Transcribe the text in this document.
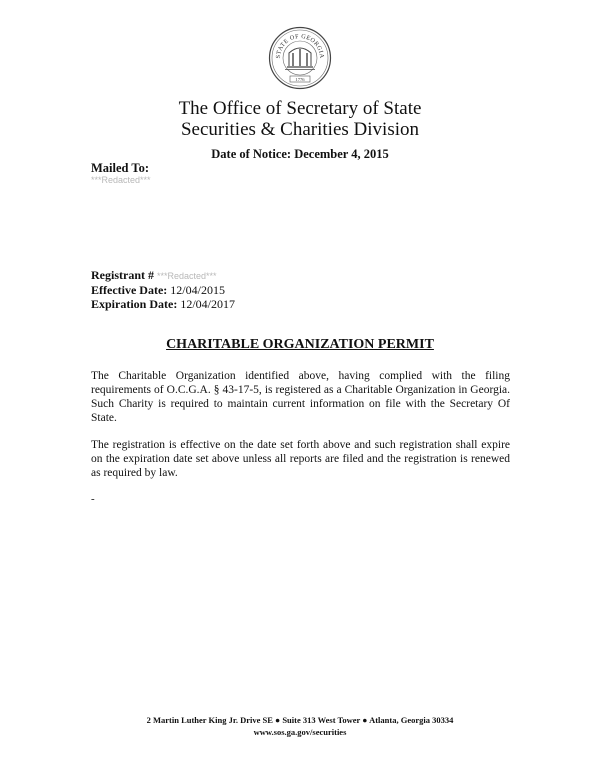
STATE OF GEORGIA
1776
The Office of Secretary of State
Securities & Charities Division
Date of Notice: December 4, 2015
Mailed To:
***Redacted***
Registrant # ***Redacted***
Effective Date: 12/04/2015
Expiration Date: 12/04/2017
CHARITABLE ORGANIZATION PERMIT

The Charitable Organization identified above, having complied with the filing requirements of O.C.G.A. § 43-17-5, is registered as a Charitable Organization in Georgia. Such Charity is required to maintain current information on file with the Secretary Of State.

The registration is effective on the date set forth above and such registration shall expire on the expiration date set above unless all reports are filed and the registration is renewed as required by law.

-
2 Martin Luther King Jr. Drive SE ● Suite 313 West Tower ● Atlanta, Georgia 30334
www.sos.ga.gov/securities
